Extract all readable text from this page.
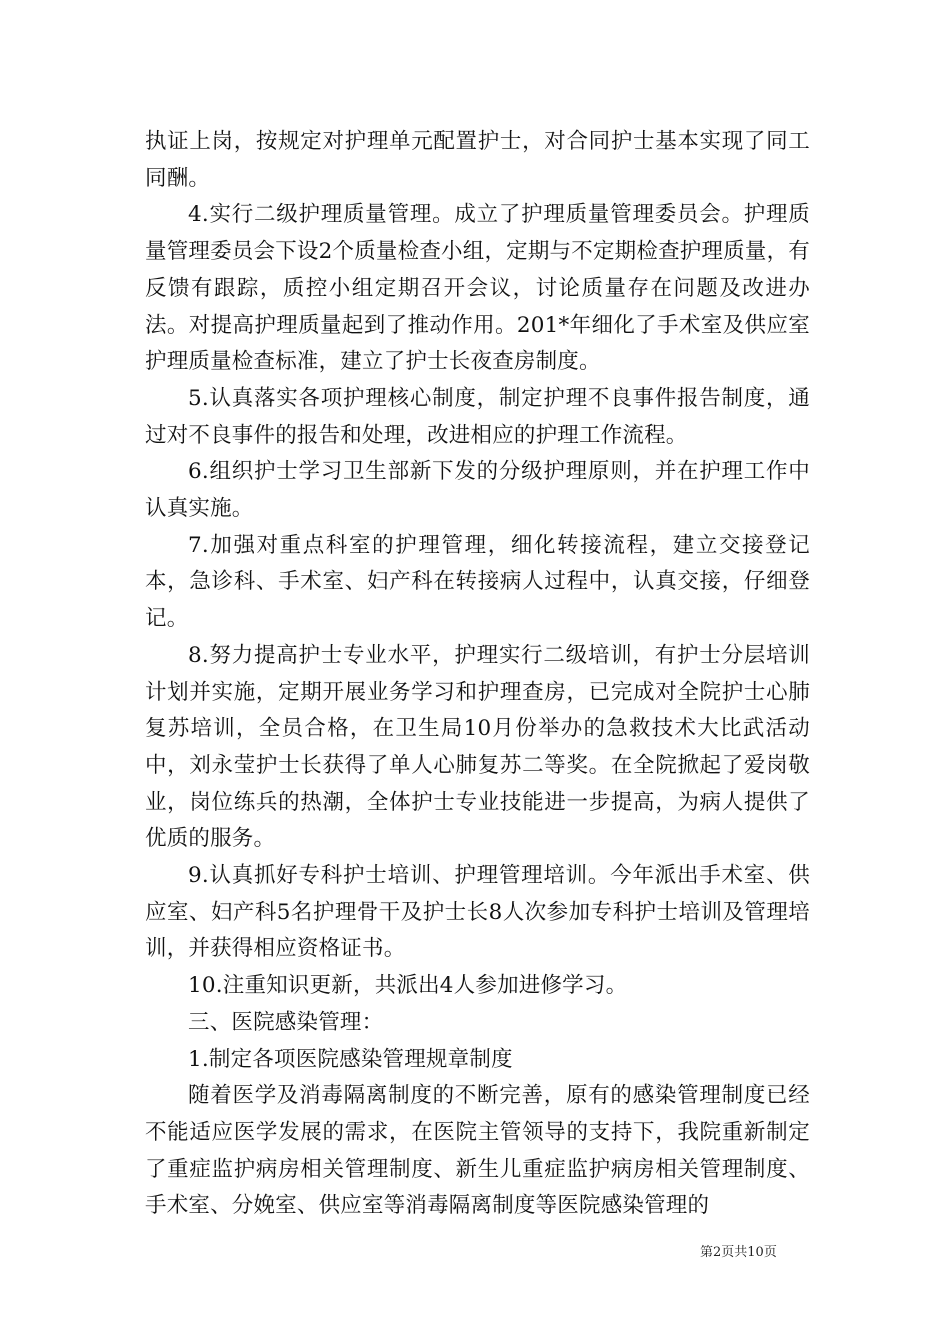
执证上岗，按规定对护理单元配置护士，对合同护士基本实现了同工同酬。

4.实行二级护理质量管理。成立了护理质量管理委员会。护理质量管理委员会下设2个质量检查小组，定期与不定期检查护理质量，有反馈有跟踪，质控小组定期召开会议，讨论质量存在问题及改进办法。对提高护理质量起到了推动作用。201*年细化了手术室及供应室护理质量检查标准，建立了护士长夜查房制度。

5.认真落实各项护理核心制度，制定护理不良事件报告制度，通过对不良事件的报告和处理，改进相应的护理工作流程。

6.组织护士学习卫生部新下发的分级护理原则，并在护理工作中认真实施。

7.加强对重点科室的护理管理，细化转接流程，建立交接登记本，急诊科、手术室、妇产科在转接病人过程中，认真交接，仔细登记。

8.努力提高护士专业水平，护理实行二级培训，有护士分层培训计划并实施，定期开展业务学习和护理查房，已完成对全院护士心肺复苏培训，全员合格，在卫生局10月份举办的急救技术大比武活动中，刘永莹护士长获得了单人心肺复苏二等奖。在全院掀起了爱岗敬业，岗位练兵的热潮，全体护士专业技能进一步提高，为病人提供了优质的服务。

9.认真抓好专科护士培训、护理管理培训。今年派出手术室、供应室、妇产科5名护理骨干及护士长8人次参加专科护士培训及管理培训，并获得相应资格证书。

10.注重知识更新，共派出4人参加进修学习。

三、医院感染管理：

1.制定各项医院感染管理规章制度

随着医学及消毒隔离制度的不断完善，原有的感染管理制度已经不能适应医学发展的需求，在医院主管领导的支持下，我院重新制定了重症监护病房相关管理制度、新生儿重症监护病房相关管理制度、手术室、分娩室、供应室等消毒隔离制度等医院感染管理的

第2页共10页
